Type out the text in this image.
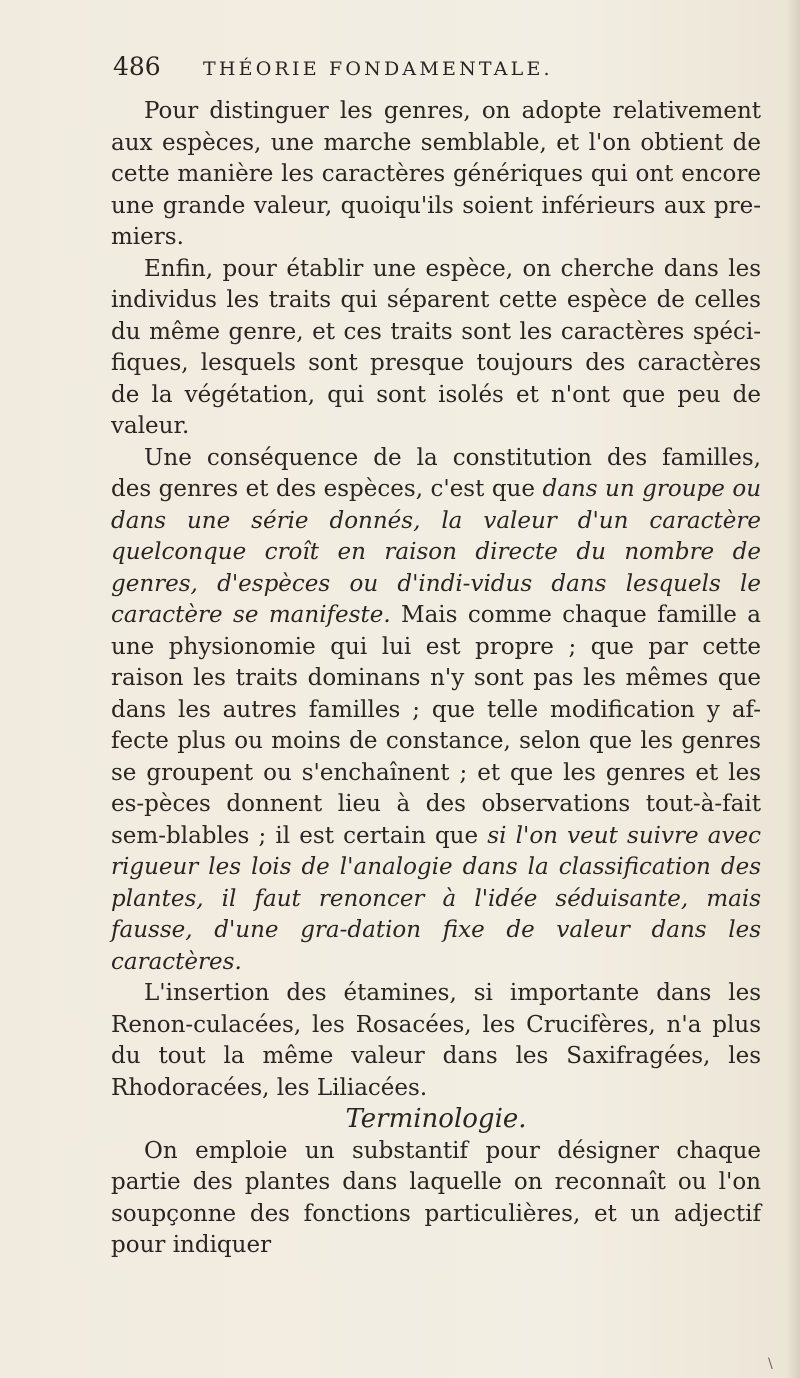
486 THÉORIE FONDAMENTALE.

Pour distinguer les genres, on adopte relativement aux espèces, une marche semblable, et l'on obtient de cette manière les caractères génériques qui ont encore une grande valeur, quoiqu'ils soient inférieurs aux pre-miers.

Enfin, pour établir une espèce, on cherche dans les individus les traits qui séparent cette espèce de celles du même genre, et ces traits sont les caractères spéci-fiques, lesquels sont presque toujours des caractères de la végétation, qui sont isolés et n'ont que peu de valeur.

Une conséquence de la constitution des familles, des genres et des espèces, c'est que dans un groupe ou dans une série donnés, la valeur d'un caractère quelconque croît en raison directe du nombre de genres, d'espèces ou d'indi-vidus dans lesquels le caractère se manifeste. Mais comme chaque famille a une physionomie qui lui est propre ; que par cette raison les traits dominans n'y sont pas les mêmes que dans les autres familles ; que telle modification y af-fecte plus ou moins de constance, selon que les genres se groupent ou s'enchaînent ; et que les genres et les es-pèces donnent lieu à des observations tout-à-fait sem-blables ; il est certain que si l'on veut suivre avec rigueur les lois de l'analogie dans la classification des plantes, il faut renoncer à l'idée séduisante, mais fausse, d'une gra-dation fixe de valeur dans les caractères.

L'insertion des étamines, si importante dans les Renon-culacées, les Rosacées, les Crucifères, n'a plus du tout la même valeur dans les Saxifragées, les Rhodoracées, les Liliacées.

Terminologie.

On emploie un substantif pour désigner chaque partie des plantes dans laquelle on reconnaît ou l'on soupçonne des fonctions particulières, et un adjectif pour indiquer

\
